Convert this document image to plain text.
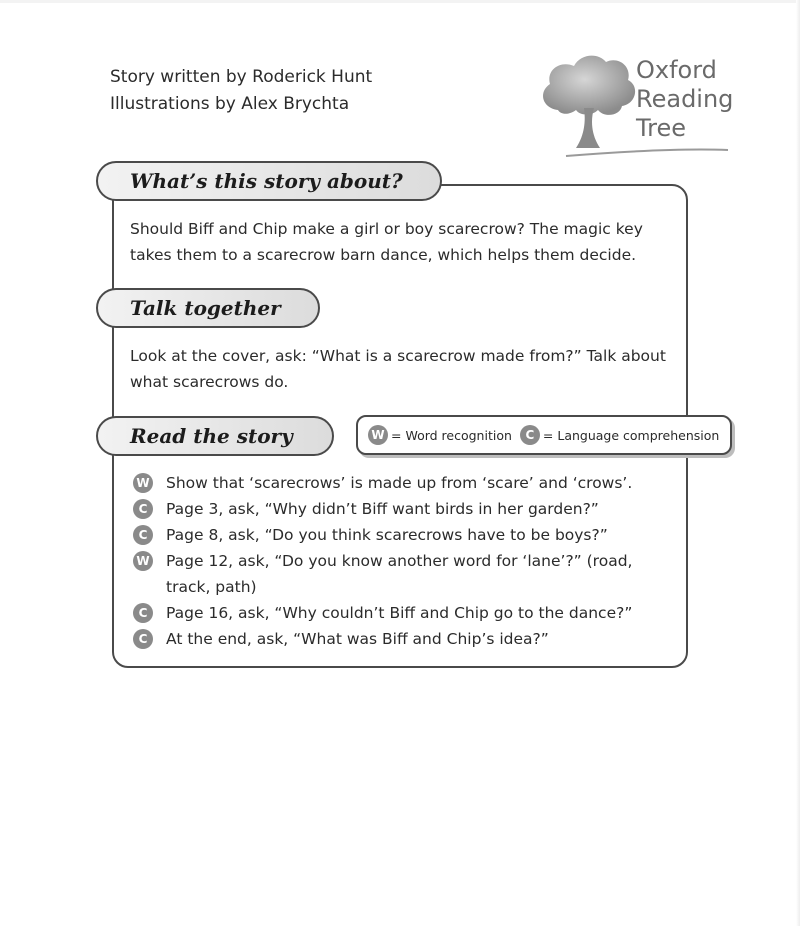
Story written by Roderick Hunt
Illustrations by Alex Brychta
Oxford
Reading
Tree
What’s this story about?
Should Biff and Chip make a girl or boy scarecrow? The magic key takes them to a scarecrow barn dance, which helps them decide.
Talk together
Look at the cover, ask: “What is a scarecrow made from?” Talk about what scarecrows do.
Read the story	W = Word recognition	C = Language comprehension
W Show that ‘scarecrows’ is made up from ‘scare’ and ‘crows’.
C	Page 3, ask, “Why didn’t Biff want birds in her garden?”
C	Page 8, ask, “Do you think scarecrows have to be boys?”
W Page 12, ask, “Do you know another word for ‘lane’?” (road, track, path)
C	Page 16, ask, “Why couldn’t Biff and Chip go to the dance?”
C	At the end, ask, “What was Biff and Chip’s idea?”
